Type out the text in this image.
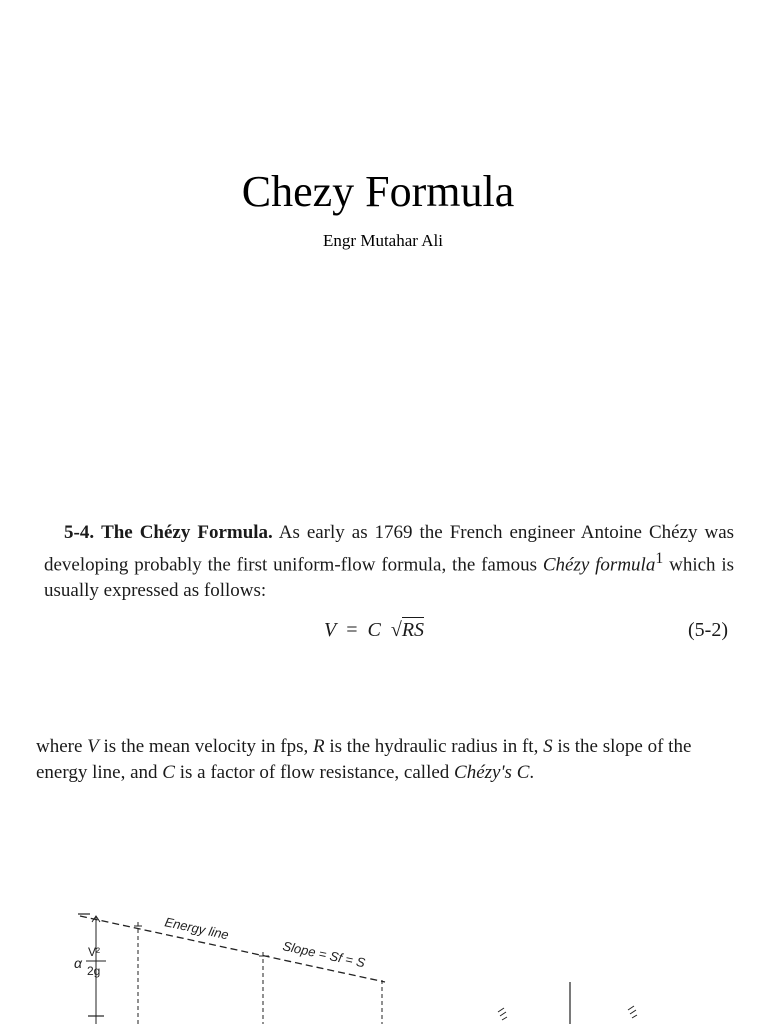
Chezy Formula
Engr Mutahar Ali
5-4. The Chézy Formula. As early as 1769 the French engineer Antoine Chézy was developing probably the first uniform-flow formula, the famous Chézy formula$^1$ which is usually expressed as follows:
V = C √RS	(5-2)
where V is the mean velocity in fps, R is the hydraulic radius in ft, S is the slope of the energy line, and C is a factor of flow resistance, called Chézy's C.
α
V²
2g
Energy line
Slope = Sf = S
